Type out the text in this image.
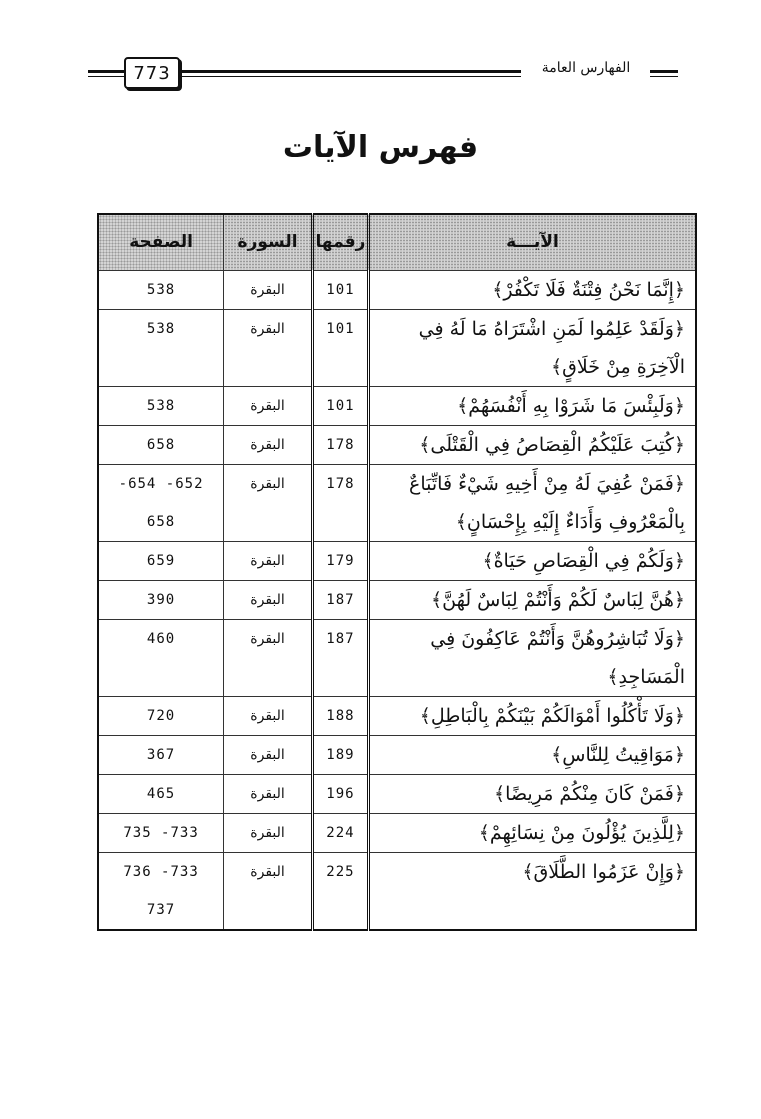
773	الفهارس العامة
فهرس الآيات
الآيـــة	رقمها	السورة	الصفحة
﴿إِنَّمَا نَحْنُ فِتْنَةٌ فَلَا تَكْفُرْ﴾	101	البقرة	538

﴿وَلَقَدْ عَلِمُوا لَمَنِ اشْتَرَاهُ مَا لَهُ فِي الْآخِرَةِ مِنْ خَلَاقٍ﴾	101	البقرة	538

﴿وَلَبِئْسَ مَا شَرَوْا بِهِ أَنْفُسَهُمْ﴾	101	البقرة	538

﴿كُتِبَ عَلَيْكُمُ الْقِصَاصُ فِي الْقَتْلَى﴾	178	البقرة	658

﴿فَمَنْ عُفِيَ لَهُ مِنْ أَخِيهِ شَيْءٌ فَاتِّبَاعٌ بِالْمَعْرُوفِ وَأَدَاءٌ إِلَيْهِ بِإِحْسَانٍ﴾	178	البقرة	-654 -652
658

﴿وَلَكُمْ فِي الْقِصَاصِ حَيَاةٌ﴾	179	البقرة	659

﴿هُنَّ لِبَاسٌ لَكُمْ وَأَنْتُمْ لِبَاسٌ لَهُنَّ﴾	187	البقرة	390

﴿وَلَا تُبَاشِرُوهُنَّ وَأَنْتُمْ عَاكِفُونَ فِي الْمَسَاجِدِ﴾	187	البقرة	460

﴿وَلَا تَأْكُلُوا أَمْوَالَكُمْ بَيْنَكُمْ بِالْبَاطِلِ﴾	188	البقرة	720

﴿مَوَاقِيتُ لِلنَّاسِ﴾	189	البقرة	367

﴿فَمَنْ كَانَ مِنْكُمْ مَرِيضًا﴾	196	البقرة	465

﴿لِلَّذِينَ يُؤْلُونَ مِنْ نِسَائِهِمْ﴾	224	البقرة	735 -733

﴿وَإِنْ عَزَمُوا الطَّلَاقَ﴾	225	البقرة	736 -733
737
